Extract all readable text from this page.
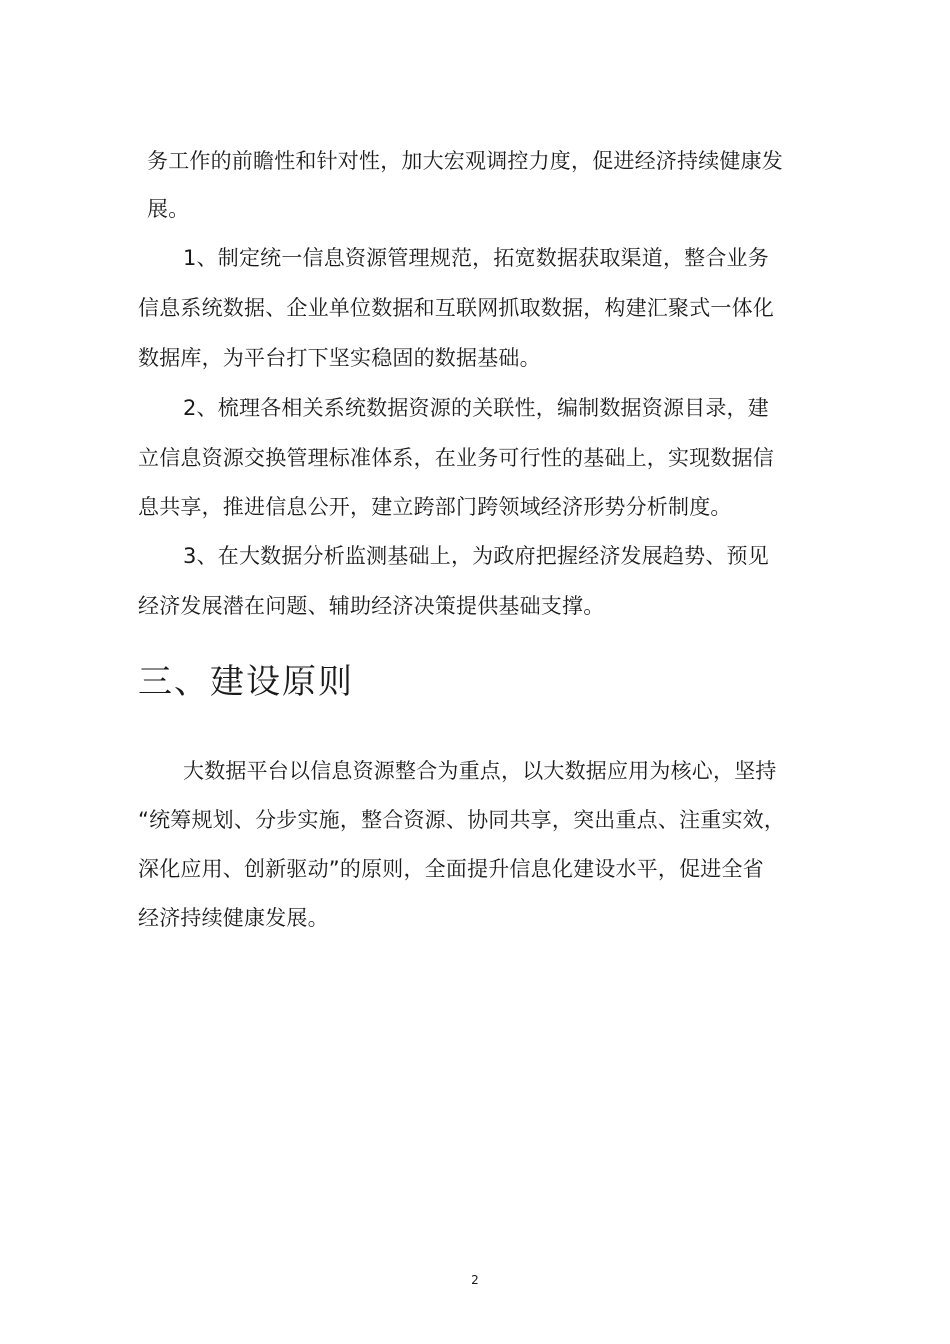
务工作的前瞻性和针对性，加大宏观调控力度，促进经济持续健康发
展。
1、制定统一信息资源管理规范，拓宽数据获取渠道，整合业务
信息系统数据、企业单位数据和互联网抓取数据，构建汇聚式一体化
数据库，为平台打下坚实稳固的数据基础。
2、梳理各相关系统数据资源的关联性，编制数据资源目录，建
立信息资源交换管理标准体系，在业务可行性的基础上，实现数据信
息共享，推进信息公开，建立跨部门跨领域经济形势分析制度。
3、在大数据分析监测基础上，为政府把握经济发展趋势、预见
经济发展潜在问题、辅助经济决策提供基础支撑。
三、建设原则
大数据平台以信息资源整合为重点，以大数据应用为核心，坚持
“统筹规划、分步实施，整合资源、协同共享，突出重点、注重实效，
深化应用、创新驱动”的原则，全面提升信息化建设水平，促进全省
经济持续健康发展。
2
